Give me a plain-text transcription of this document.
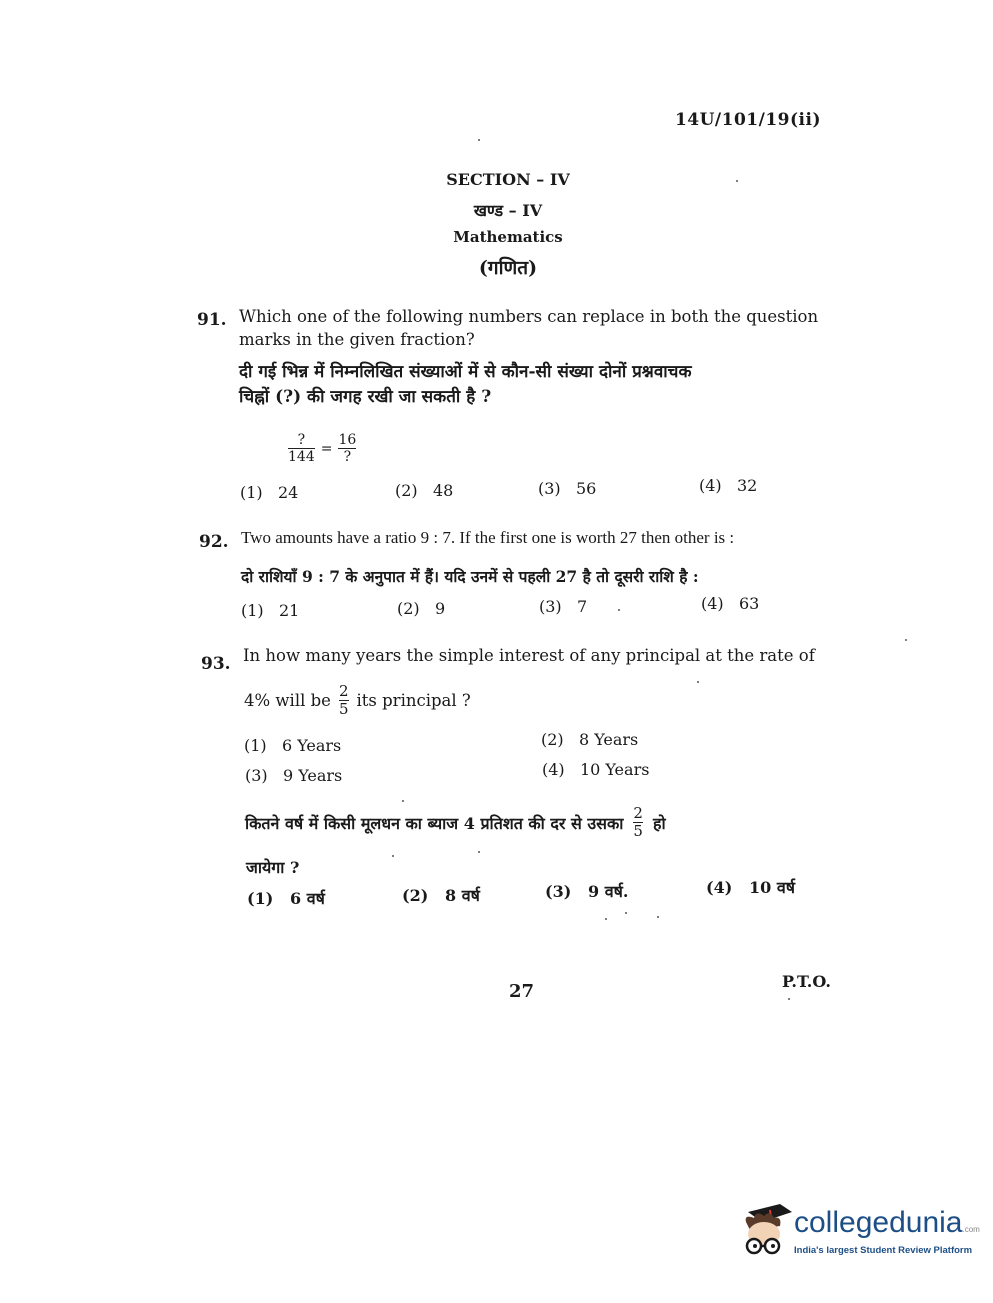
14U/101/19(ii)
SECTION – IV
खण्ड – IV
Mathematics
(गणित)
91. Which one of the following numbers can replace in both the question
marks in the given fraction?
दी गई भिन्न में निम्नलिखित संख्याओं में से कौन-सी संख्या दोनों प्रश्नवाचक
चिह्नों (?) की जगह रखी जा सकती है ?
$\frac{?}{144} = \frac{16}{?}$
(1) 24	(2) 48	(3) 56	(4) 32
92. Two amounts have a ratio 9 : 7. If the first one is worth 27 then other is :
दो राशियाँ 9 : 7 के अनुपात में हैं। यदि उनमें से पहली 27 है तो दूसरी राशि है :
(1) 21	(2) 9	(3) 7	(4) 63
93. In how many years the simple interest of any principal at the rate of
4% will be $\frac{2}{5}$ its principal ?
(1) 6 Years	(2) 8 Years
(3) 9 Years	(4) 10 Years
कितने वर्ष में किसी मूलधन का ब्याज 4 प्रतिशत की दर से उसका $\frac{2}{5}$ हो
जायेगा ?
(1) 6 वर्ष	(2) 8 वर्ष	(3) 9 वर्ष.	(4) 10 वर्ष
27	P.T.O.
collegedunia.com
India's largest Student Review Platform
